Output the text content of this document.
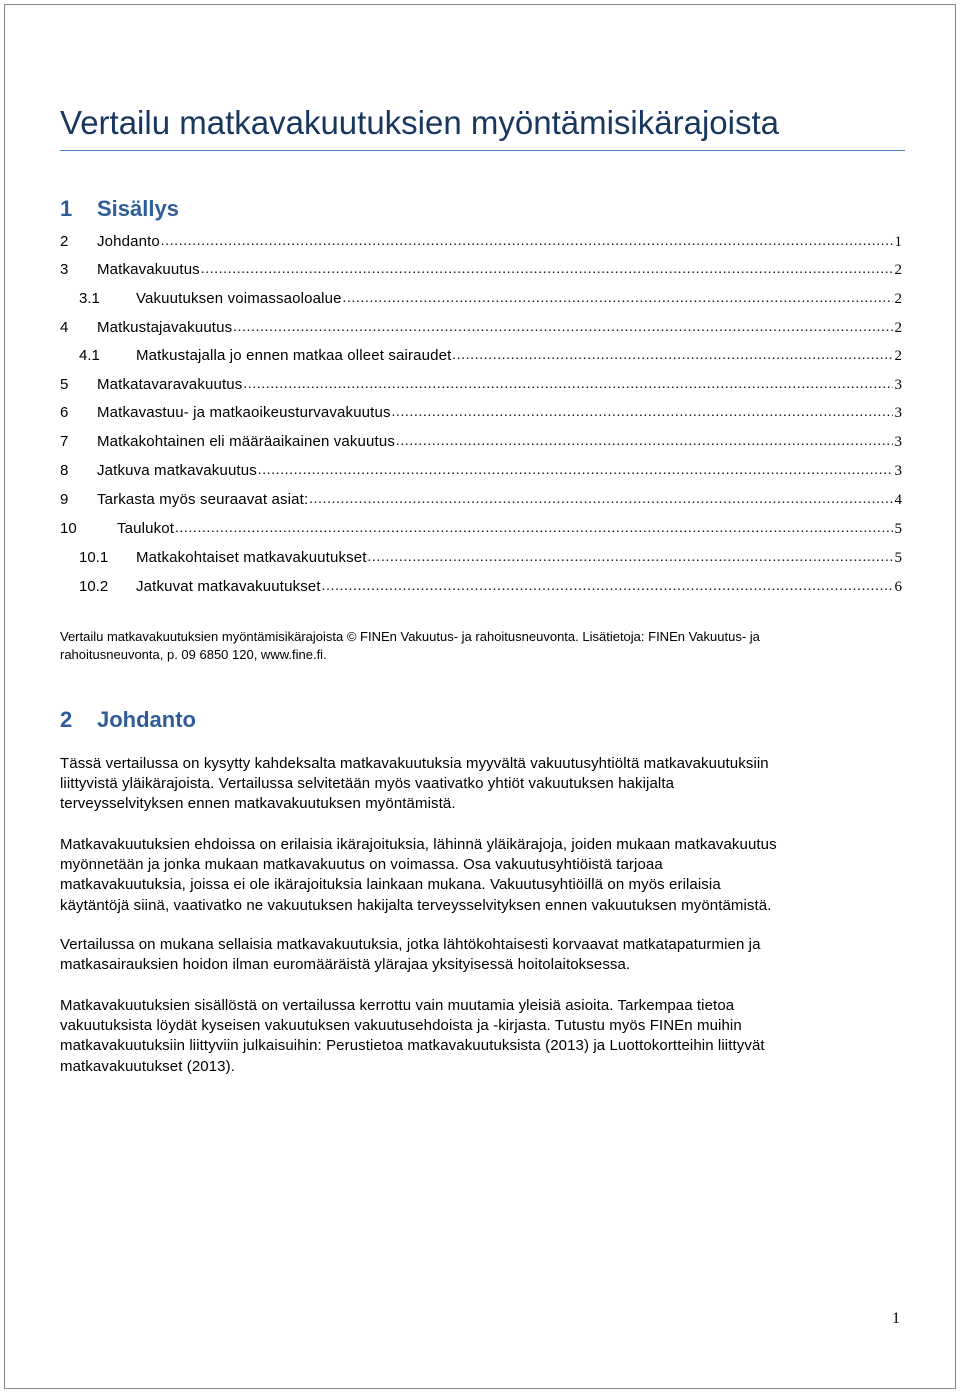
Vertailu matkavakuutuksien myöntämisikärajoista
1 Sisällys
2	Johdanto .....	1
3	Matkavakuutus .....	2
3.1	Vakuutuksen voimassaoloalue .....	2
4	Matkustajavakuutus .....	2
4.1	Matkustajalla jo ennen matkaa olleet sairaudet .....	2
5	Matkatavaravakuutus .....	3
6	Matkavastuu- ja matkaoikeusturvavakuutus .....	3
7	Matkakohtainen eli määräaikainen vakuutus .....	3
8	Jatkuva matkavakuutus .....	3
9	Tarkasta myös seuraavat asiat: .....	4
10	Taulukot .....	5
10.1	Matkakohtaiset matkavakuutukset .....	5
10.2	Jatkuvat matkavakuutukset .....	6
Vertailu matkavakuutuksien myöntämisikärajoista © FINEn Vakuutus- ja rahoitusneuvonta. Lisätietoja: FINEn Vakuutus- ja
rahoitusneuvonta, p. 09 6850 120, www.fine.fi.
2 Johdanto
Tässä vertailussa on kysytty kahdeksalta matkavakuutuksia myyvältä vakuutusyhtiöltä matkavakuutuksiin
liittyvistä yläikärajoista. Vertailussa selvitetään myös vaativatko yhtiöt vakuutuksen hakijalta
terveysselvityksen ennen matkavakuutuksen myöntämistä.
Matkavakuutuksien ehdoissa on erilaisia ikärajoituksia, lähinnä yläikärajoja, joiden mukaan matkavakuutus
myönnetään ja jonka mukaan matkavakuutus on voimassa. Osa vakuutusyhtiöistä tarjoaa
matkavakuutuksia, joissa ei ole ikärajoituksia lainkaan mukana. Vakuutusyhtiöillä on myös erilaisia
käytäntöjä siinä, vaativatko ne vakuutuksen hakijalta terveysselvityksen ennen vakuutuksen myöntämistä.
Vertailussa on mukana sellaisia matkavakuutuksia, jotka lähtökohtaisesti korvaavat matkatapaturmien ja
matkasairauksien hoidon ilman euromääräistä ylärajaa yksityisessä hoitolaitoksessa.
Matkavakuutuksien sisällöstä on vertailussa kerrottu vain muutamia yleisiä asioita. Tarkempaa tietoa
vakuutuksista löydät kyseisen vakuutuksen vakuutusehdoista ja -kirjasta. Tutustu myös FINEn muihin
matkavakuutuksiin liittyviin julkaisuihin: Perustietoa matkavakuutuksista (2013) ja Luottokortteihin liittyvät
matkavakuutukset (2013).
1
